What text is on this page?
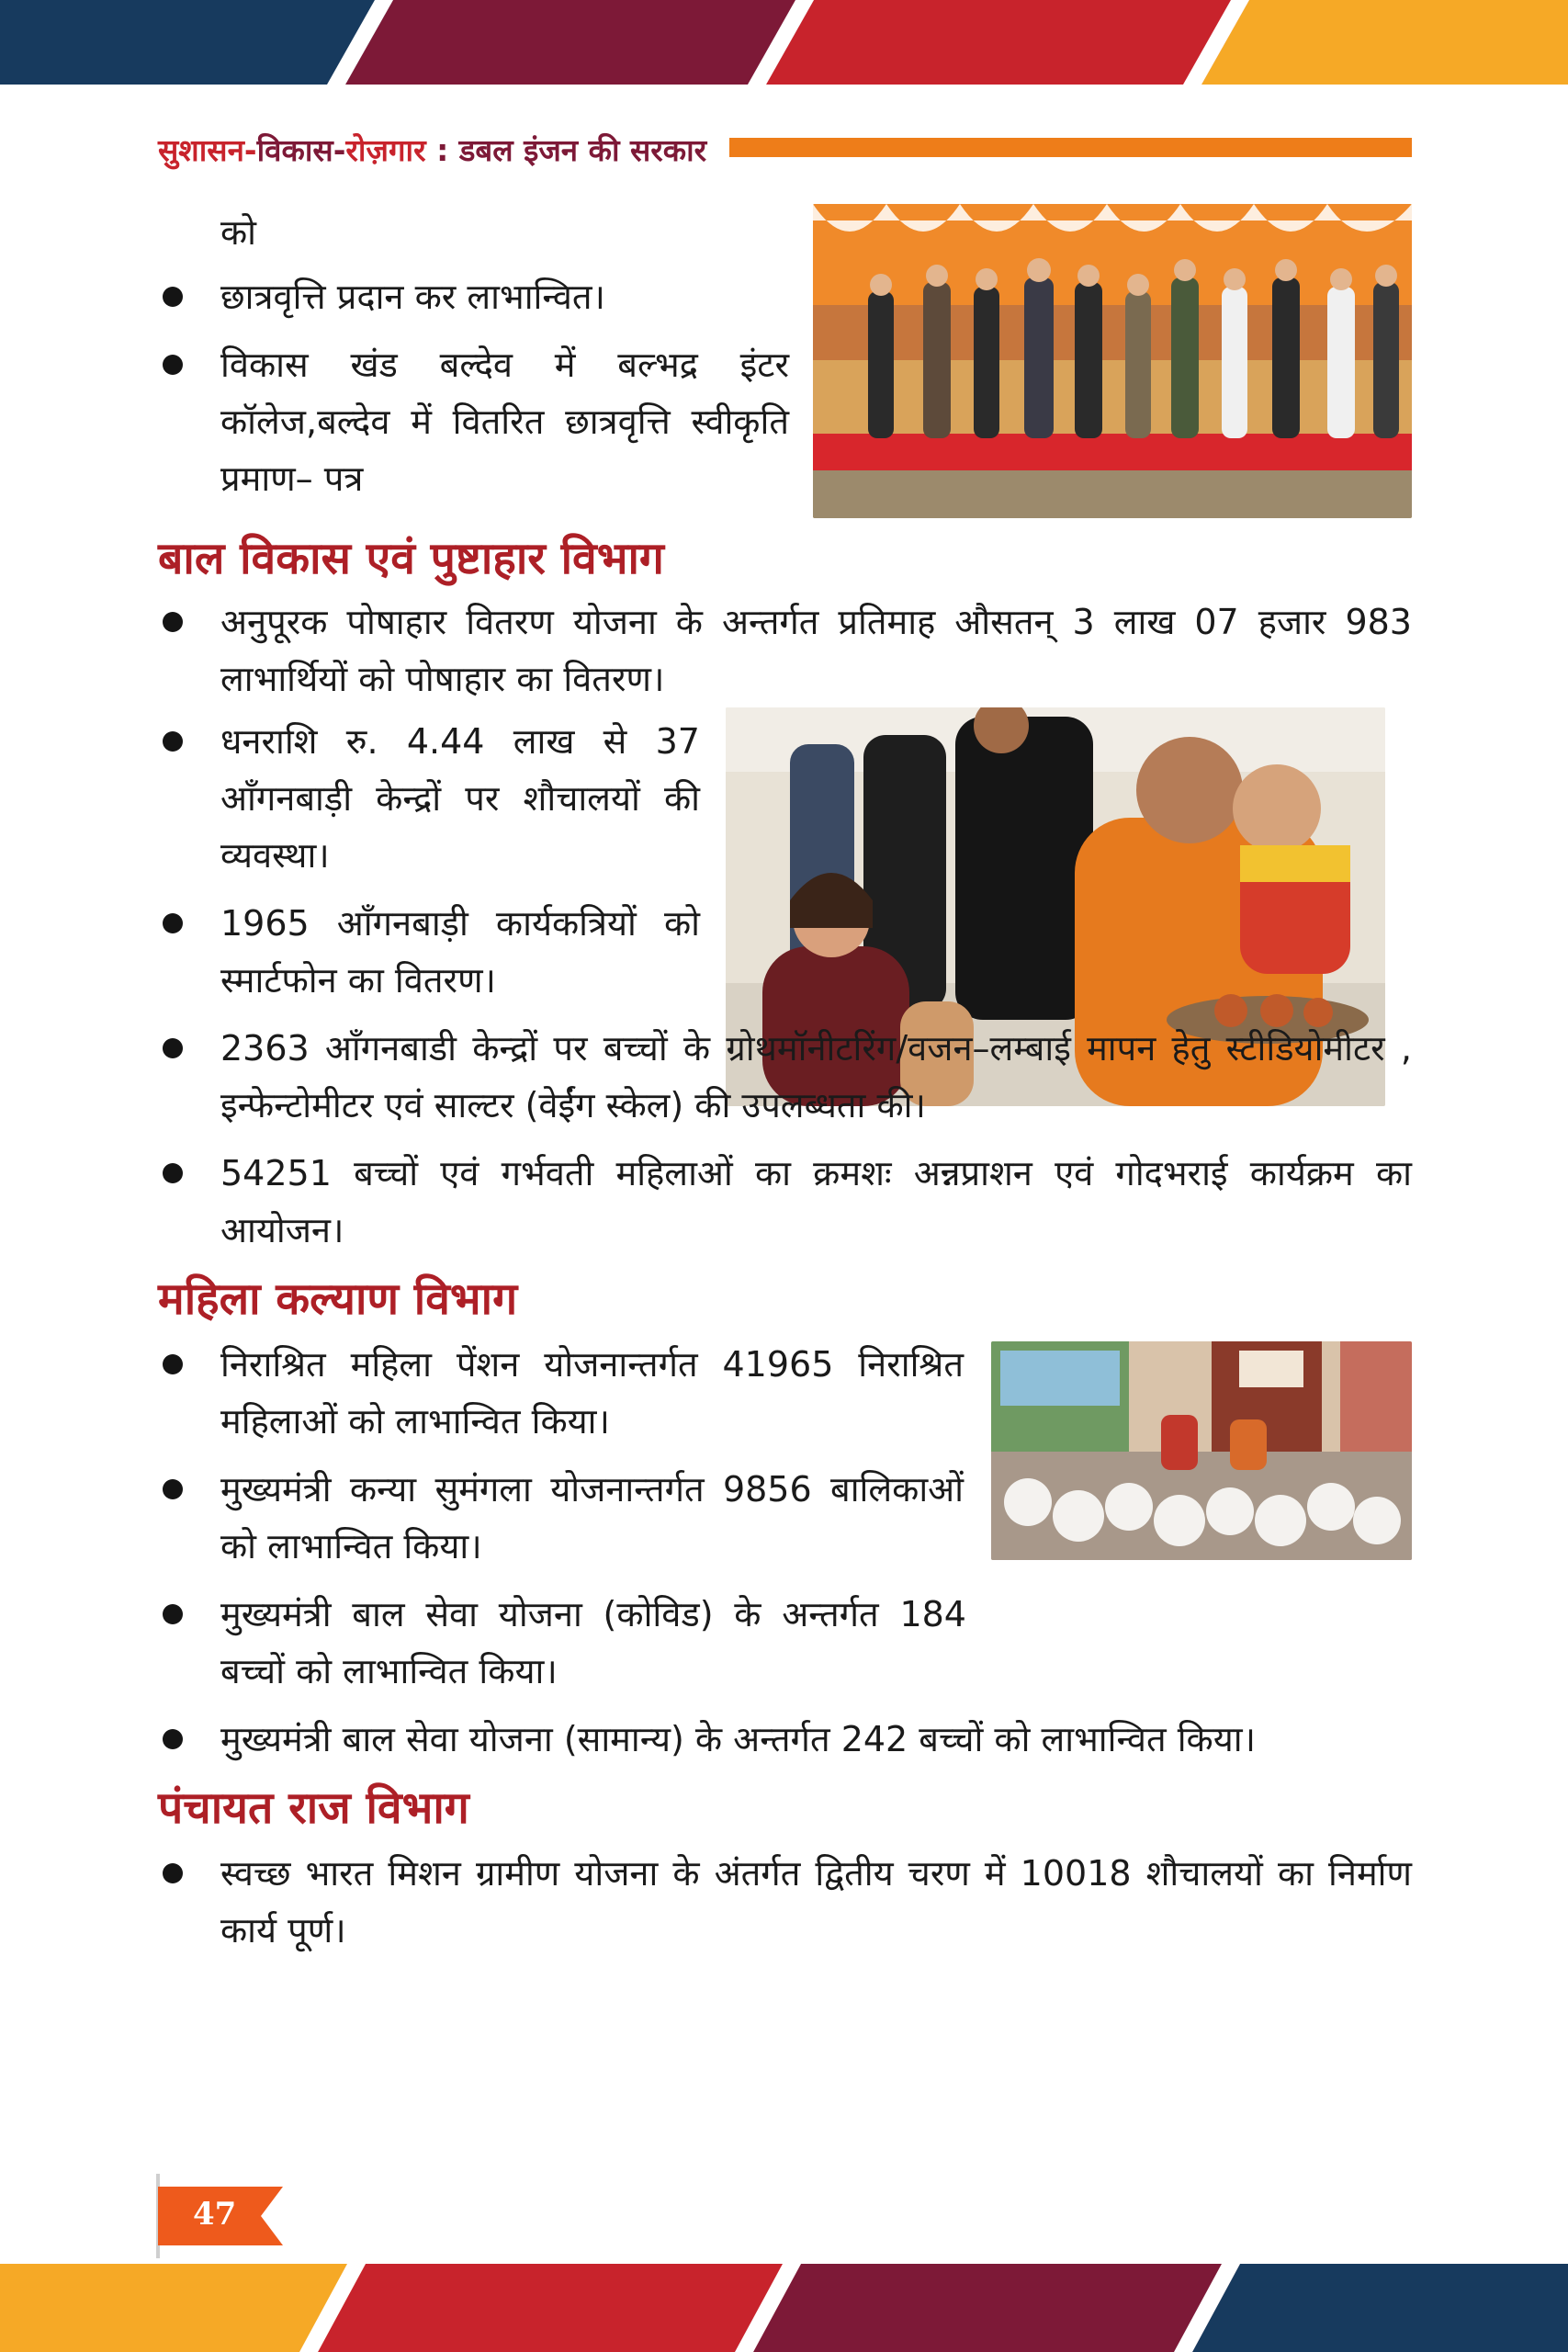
सुशासन-विकास-रोज़गार : डबल इंजन की सरकार

को

छात्रवृत्ति प्रदान कर लाभान्वित।
विकास खंड बल्देव में बल्भद्र इंटर कॉलेज,बल्देव में वितरित छात्रवृत्ति स्वीकृति प्रमाण– पत्र
बाल विकास एवं पुष्टाहार विभाग
अनुपूरक पोषाहार वितरण योजना के अन्तर्गत प्रतिमाह औसतन् 3 लाख 07 हजार 983 लाभार्थियों को पोषाहार का वितरण।
धनराशि रु. 4.44 लाख से 37 आँगनबाड़ी केन्द्रों पर शौचालयों की व्यवस्था।
1965 आँगनबाड़ी कार्यकत्रियों को स्मार्टफोन का वितरण।
2363 आँगनबाडी केन्द्रों पर बच्चों के ग्रोथमॉनीटरिंग/वजन–लम्बाई मापन हेतु स्टीडियोमीटर , इन्फेन्टोमीटर एवं साल्टर (वेईंग स्केल) की उपलब्धता की।
54251 बच्चों एवं गर्भवती महिलाओं का क्रमशः अन्नप्राशन एवं गोदभराई कार्यक्रम का आयोजन।
महिला कल्याण विभाग
निराश्रित महिला पेंशन योजनान्तर्गत 41965 निराश्रित महिलाओं को लाभान्वित किया।
मुख्यमंत्री कन्या सुमंगला योजनान्तर्गत 9856 बालिकाओं को लाभान्वित किया।
मुख्यमंत्री बाल सेवा योजना (कोविड) के अन्तर्गत 184 बच्चों को लाभान्वित किया।
मुख्यमंत्री बाल सेवा योजना (सामान्य) के अन्तर्गत 242 बच्चों को लाभान्वित किया।
पंचायत राज विभाग
स्वच्छ भारत मिशन ग्रामीण योजना के अंतर्गत द्वितीय चरण में 10018 शौचालयों का निर्माण कार्य पूर्ण।
47
